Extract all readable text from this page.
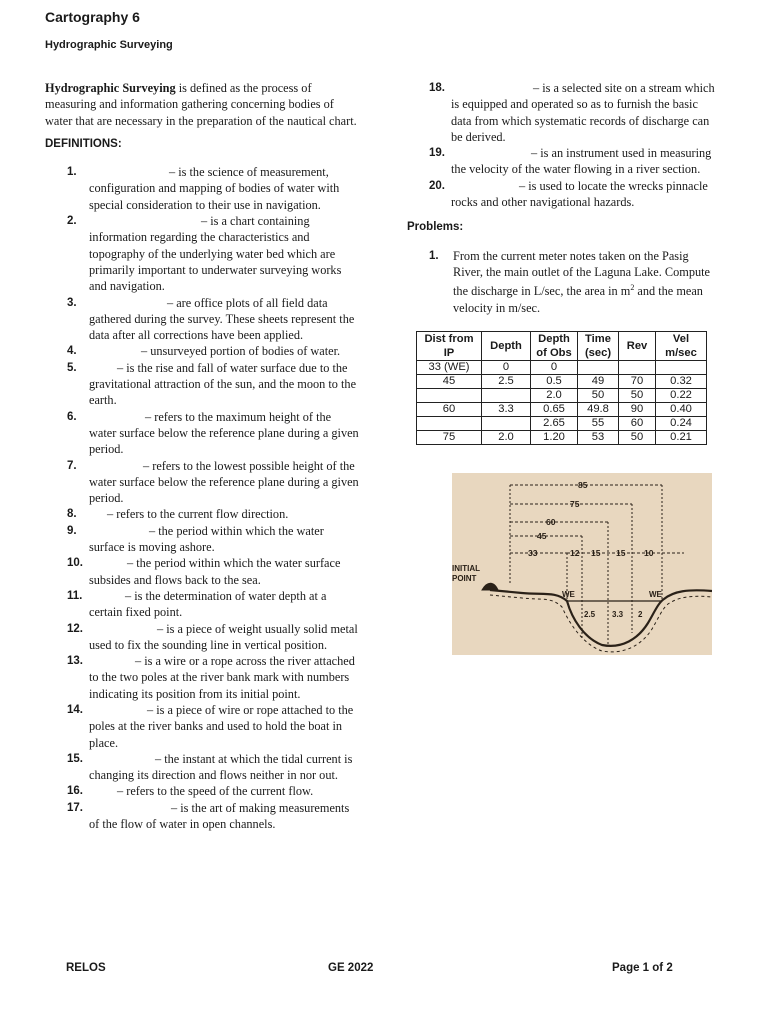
Cartography 6
Hydrographic Surveying

Hydrographic Surveying is defined as the process of measuring and information gathering concerning bodies of water that are necessary in the preparation of the nautical chart.

DEFINITIONS:

1.	– is the science of measurement, configuration and mapping of bodies of water with special consideration to their use in navigation.
2.	– is a chart containing information regarding the characteristics and topography of the underlying water bed which are primarily important to underwater surveying works and navigation.
3.	– are office plots of all field data gathered during the survey. These sheets represent the data after all corrections have been applied.
4.	– unsurveyed portion of bodies of water.
5.	– is the rise and fall of water surface due to the gravitational attraction of the sun, and the moon to the earth.
6.	– refers to the maximum height of the water surface below the reference plane during a given period.
7.	– refers to the lowest possible height of the water surface below the reference plane during a given period.
8. – refers to the current flow direction.
9.	– the period within which the water surface is moving ashore.
10.	– the period within which the water surface subsides and flows back to the sea.
11.	– is the determination of water depth at a certain fixed point.
12.	– is a piece of weight usually solid metal used to fix the sounding line in vertical position.
13.	– is a wire or a rope across the river attached to the two poles at the river bank mark with numbers indicating its position from its initial point.
14.	– is a piece of wire or rope attached to the poles at the river banks and used to hold the boat in place.
15.	– the instant at which the tidal current is changing its direction and flows neither in nor out.
16.	– refers to the speed of the current flow.
17.	– is the art of making measurements of the flow of water in open channels.
18.	– is a selected site on a stream which is equipped and operated so as to furnish the basic data from which systematic records of discharge can be derived.
19.	– is an instrument used in measuring the velocity of the water flowing in a river section.
20.	– is used to locate the wrecks pinnacle rocks and other navigational hazards.

Problems:

1. From the current meter notes taken on the Pasig River, the main outlet of the Laguna Lake. Compute the discharge in L/sec, the area in $m^2$ and the mean velocity in m/sec.
Dist from IP	Depth	Depth of Obs	Time (sec)	Rev	Vel m/sec
33 (WE)	0	0			
45	2.5	0.5	49	70	0.32
		2.0	50	50	0.22
60	3.3	0.65	49.8	90	0.40
		2.65	55	60	0.24
75	2.0	1.20	53	50	0.21
85
75
60
45
33	12 15 15 10
INITIAL
POINT
WE	WE
2.5 3.3 2
RELOS	GE 2022	Page 1 of 2
